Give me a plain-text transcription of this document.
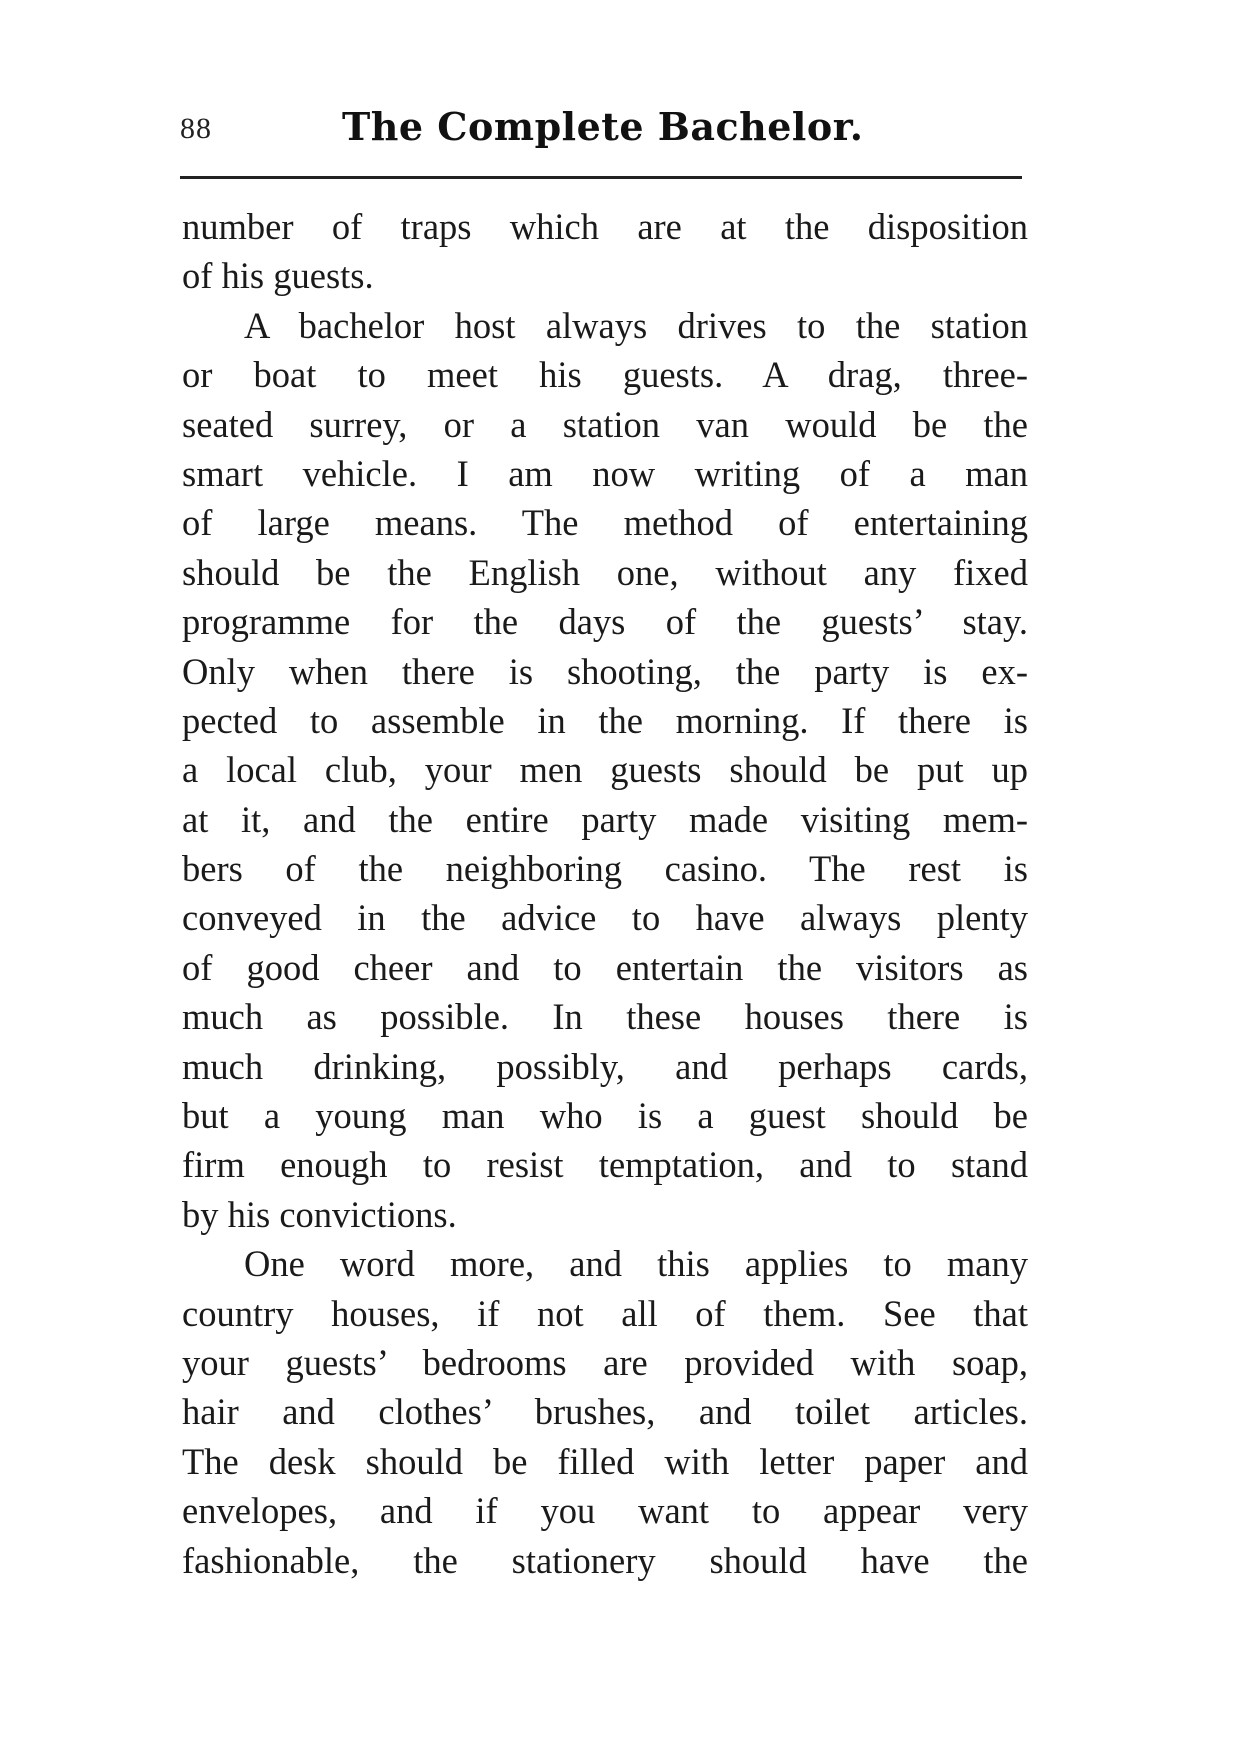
88	The Complete Bachelor.
number of traps which are at the disposition
of his guests.
A bachelor host always drives to the station
or boat to meet his guests. A drag, three-
seated surrey, or a station van would be the
smart vehicle. I am now writing of a man
of large means. The method of entertaining
should be the English one, without any fixed
programme for the days of the guests’ stay.
Only when there is shooting, the party is ex-
pected to assemble in the morning. If there is
a local club, your men guests should be put up
at it, and the entire party made visiting mem-
bers of the neighboring casino. The rest is
conveyed in the advice to have always plenty
of good cheer and to entertain the visitors as
much as possible. In these houses there is
much drinking, possibly, and perhaps cards,
but a young man who is a guest should be
firm enough to resist temptation, and to stand
by his convictions.
One word more, and this applies to many
country houses, if not all of them. See that
your guests’ bedrooms are provided with soap,
hair and clothes’ brushes, and toilet articles.
The desk should be filled with letter paper and
envelopes, and if you want to appear very
fashionable, the stationery should have the
